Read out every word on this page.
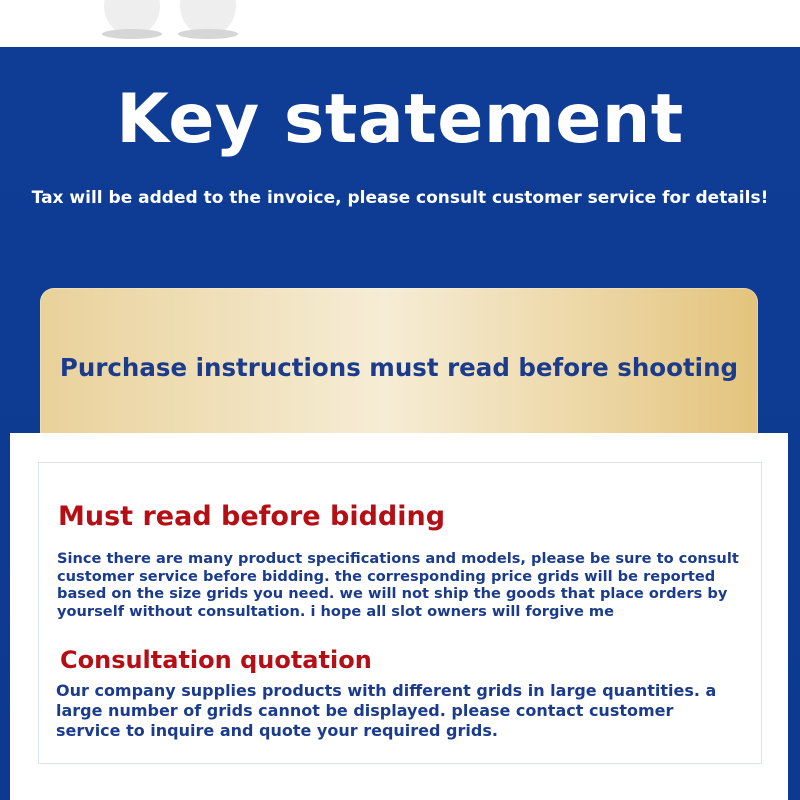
Key statement
Tax will be added to the invoice, please consult customer service for details!
Purchase instructions must read before shooting
Must read before bidding
Since there are many product specifications and models, please be sure to consult
customer service before bidding. the corresponding price grids will be reported
based on the size grids you need. we will not ship the goods that place orders by
yourself without consultation. i hope all slot owners will forgive me
Consultation quotation
Our company supplies products with different grids in large quantities. a
large number of grids cannot be displayed. please contact customer
service to inquire and quote your required grids.
